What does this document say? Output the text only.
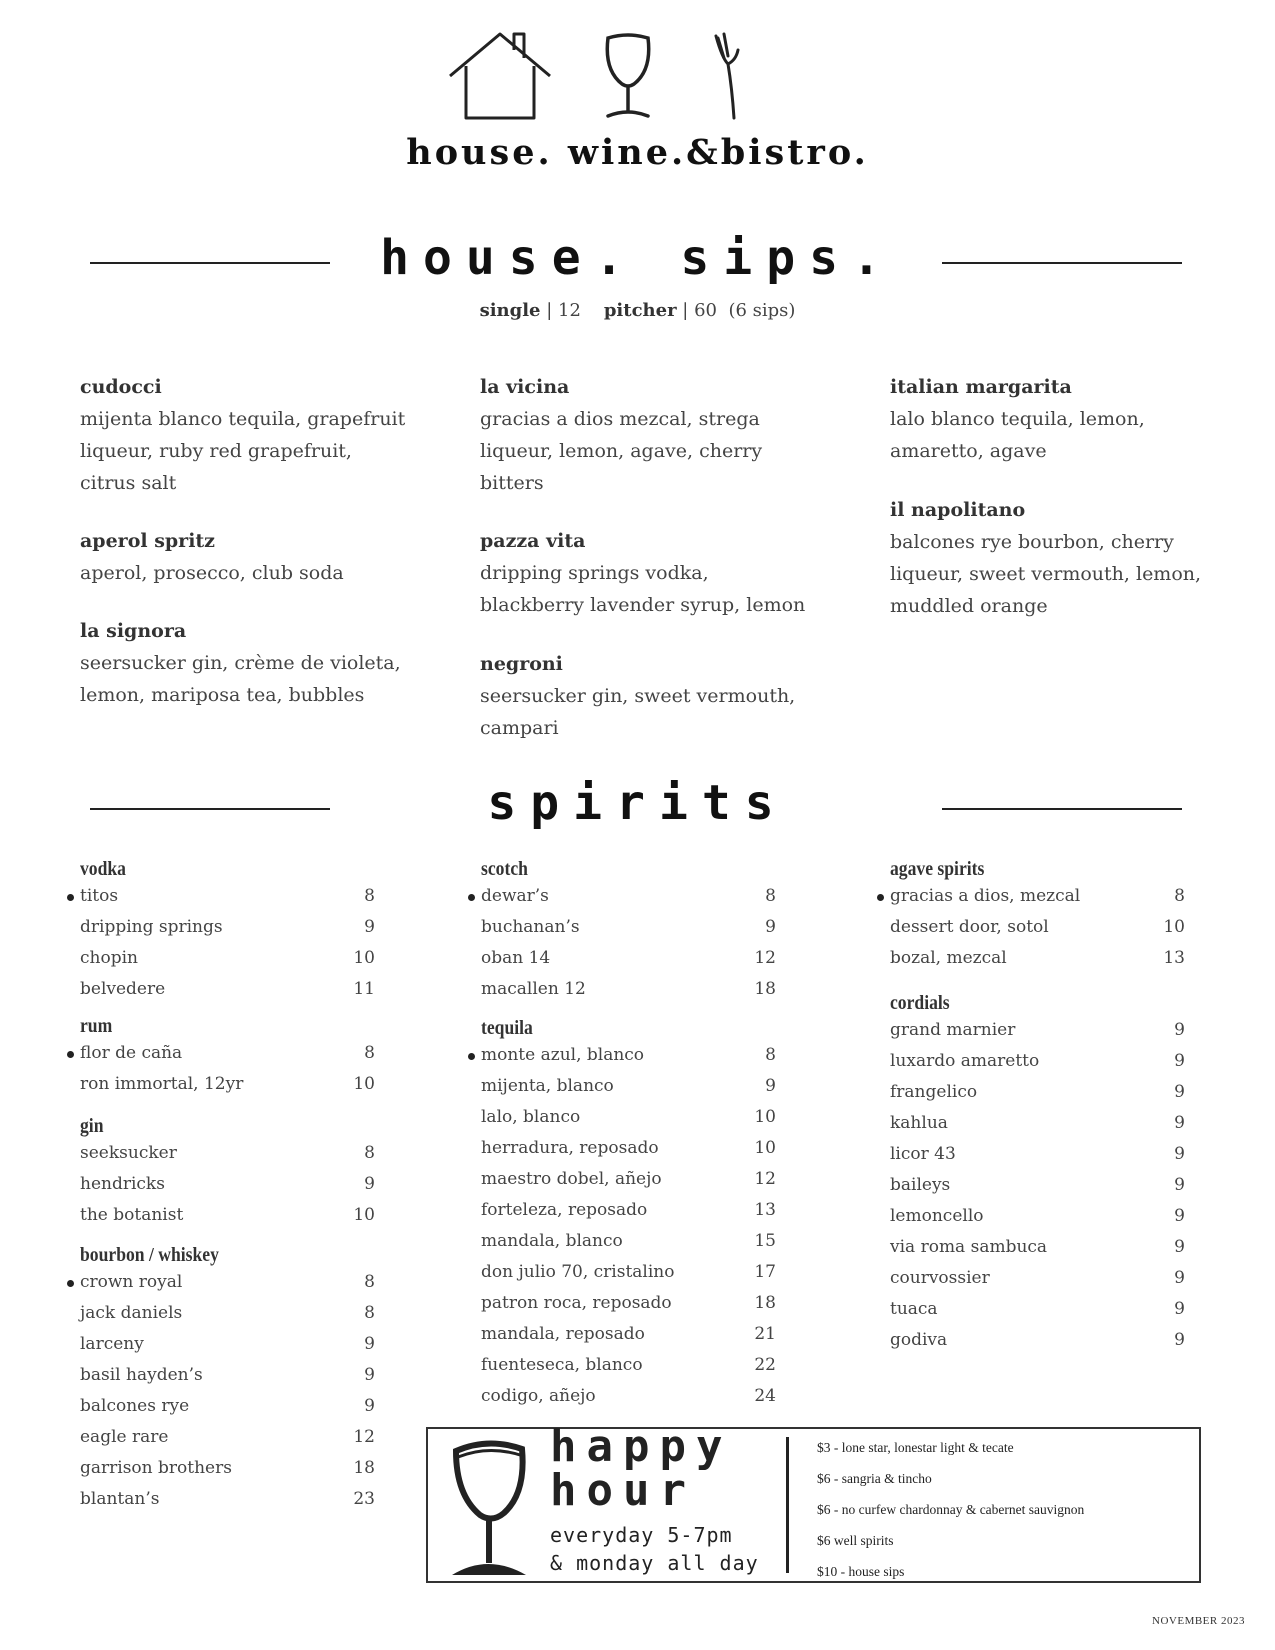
house. wine.&bistro.
house. sips.
single | 12 pitcher | 60 (6 sips)
cudocci
mijenta blanco tequila, grapefruit liqueur, ruby red grapefruit, citrus salt
aperol spritz
aperol, prosecco, club soda
la signora
seersucker gin, crème de violeta, lemon, mariposa tea, bubbles
la vicina
gracias a dios mezcal, strega liqueur, lemon, agave, cherry bitters
pazza vita
dripping springs vodka, blackberry lavender syrup, lemon
negroni
seersucker gin, sweet vermouth, campari
italian margarita
lalo blanco tequila, lemon, amaretto, agave
il napolitano
balcones rye bourbon, cherry liqueur, sweet vermouth, lemon, muddled orange
spirits
vodka
titos	8
dripping springs	9
chopin	10
belvedere	11
rum
flor de caña	8
ron immortal, 12yr	10
gin
seeksucker	8
hendricks	9
the botanist	10
bourbon / whiskey
crown royal	8
jack daniels	8
larceny	9
basil hayden’s	9
balcones rye	9
eagle rare	12
garrison brothers	18
blantan’s	23
scotch
dewar’s	8
buchanan’s	9
oban 14	12
macallen 12	18
tequila
monte azul, blanco	8
mijenta, blanco	9
lalo, blanco	10
herradura, reposado	10
maestro dobel, añejo	12
forteleza, reposado	13
mandala, blanco	15
don julio 70, cristalino	17
patron roca, reposado	18
mandala, reposado	21
fuenteseca, blanco	22
codigo, añejo	24
agave spirits
gracias a dios, mezcal	8
dessert door, sotol	10
bozal, mezcal	13
cordials
grand marnier	9
luxardo amaretto	9
frangelico	9
kahlua	9
licor 43	9
baileys	9
lemoncello	9
via roma sambuca	9
courvossier	9
tuaca	9
godiva	9
happy
hour
everyday 5-7pm
& monday all day
$3 - lone star, lonestar light & tecate
$6 - sangria & tincho
$6 - no curfew chardonnay & cabernet sauvignon
$6 well spirits
$10 - house sips
NOVEMBER 2023
